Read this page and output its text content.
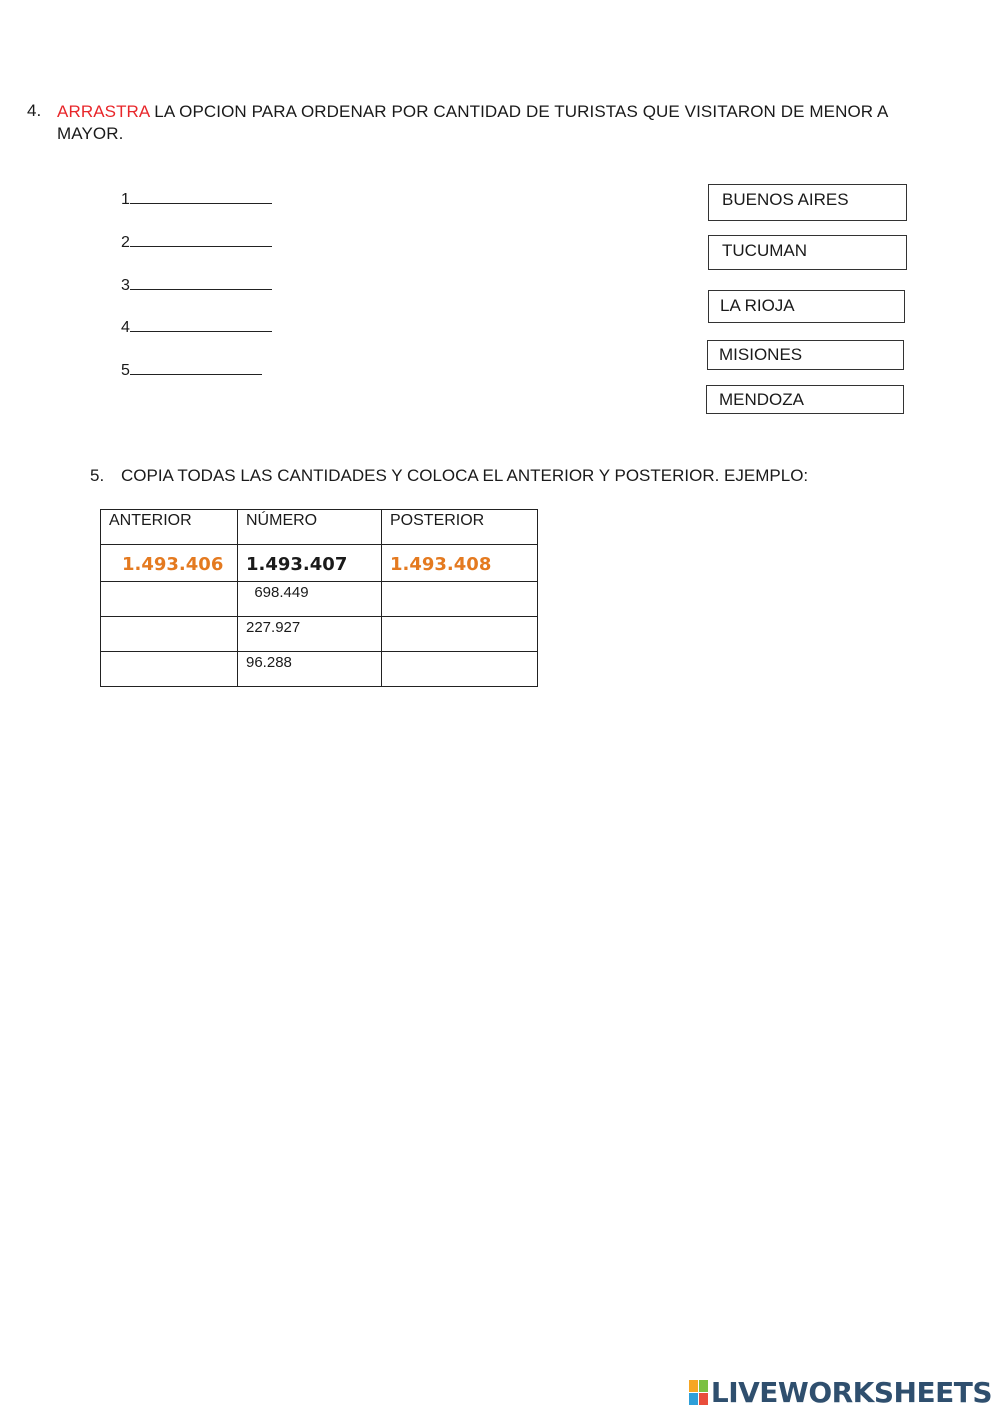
4. ARRASTRA LA OPCION PARA ORDENAR POR CANTIDAD DE TURISTAS QUE VISITARON DE MENOR A MAYOR.
1
2
3
4
5
BUENOS AIRES
TUCUMAN
LA RIOJA
MISIONES
MENDOZA
5. COPIA TODAS LAS CANTIDADES Y COLOCA EL ANTERIOR Y POSTERIOR. EJEMPLO:
ANTERIOR	NÚMERO	POSTERIOR
1.493.406	1.493.407	1.493.408
	698.449	
	227.927	
	96.288	
LIVEWORKSHEETS
